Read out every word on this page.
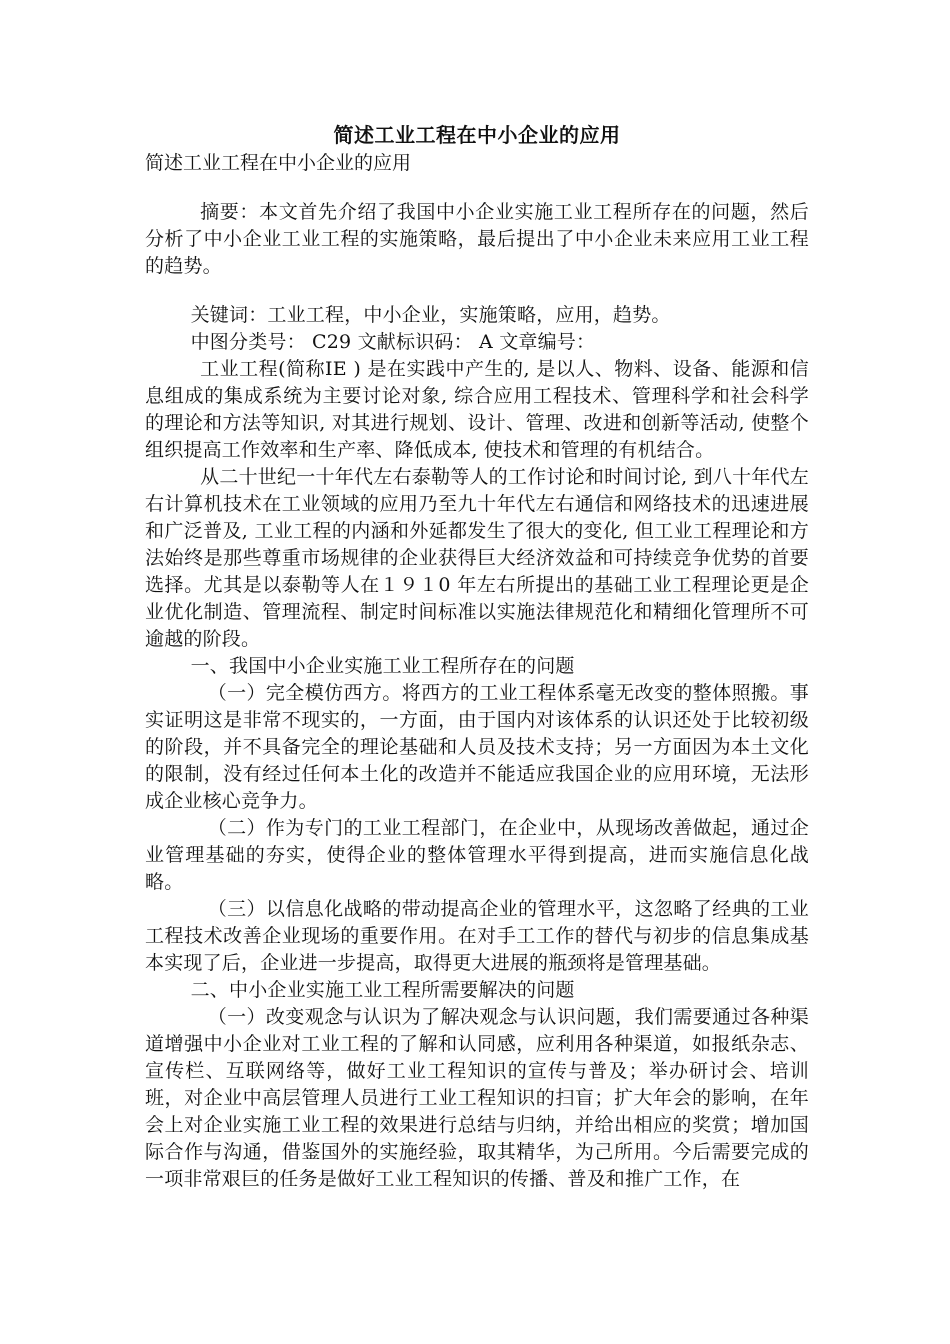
简述工业工程在中小企业的应用
简述工业工程在中小企业的应用

摘要：本文首先介绍了我国中小企业实施工业工程所存在的问题，然后分析了中小企业工业工程的实施策略，最后提出了中小企业未来应用工业工程的趋势。

关键词：工业工程，中小企业，实施策略，应用，趋势。

中图分类号： C29 文献标识码： A 文章编号：

工业工程(简称IE ) 是在实践中产生的, 是以人、物料、设备、能源和信息组成的集成系统为主要讨论对象, 综合应用工程技术、管理科学和社会科学的理论和方法等知识, 对其进行规划、设计、管理、改进和创新等活动, 使整个组织提高工作效率和生产率、降低成本, 使技术和管理的有机结合。

从二十世纪一十年代左右泰勒等人的工作讨论和时间讨论, 到八十年代左右计算机技术在工业领域的应用乃至九十年代左右通信和网络技术的迅速进展和广泛普及, 工业工程的内涵和外延都发生了很大的变化, 但工业工程理论和方法始终是那些尊重市场规律的企业获得巨大经济效益和可持续竞争优势的首要选择。尤其是以泰勒等人在１９１0 年左右所提出的基础工业工程理论更是企业优化制造、管理流程、制定时间标准以实施法律规范化和精细化管理所不可逾越的阶段。

一、我国中小企业实施工业工程所存在的问题

（一）完全模仿西方。将西方的工业工程体系毫无改变的整体照搬。事实证明这是非常不现实的，一方面，由于国内对该体系的认识还处于比较初级的阶段，并不具备完全的理论基础和人员及技术支持；另一方面因为本土文化的限制，没有经过任何本土化的改造并不能适应我国企业的应用环境，无法形成企业核心竞争力。

（二）作为专门的工业工程部门，在企业中，从现场改善做起，通过企业管理基础的夯实，使得企业的整体管理水平得到提高，进而实施信息化战略。

（三）以信息化战略的带动提高企业的管理水平，这忽略了经典的工业工程技术改善企业现场的重要作用。在对手工工作的替代与初步的信息集成基本实现了后，企业进一步提高，取得更大进展的瓶颈将是管理基础。

二、中小企业实施工业工程所需要解决的问题

（一）改变观念与认识为了解决观念与认识问题，我们需要通过各种渠道增强中小企业对工业工程的了解和认同感，应利用各种渠道，如报纸杂志、宣传栏、互联网络等，做好工业工程知识的宣传与普及；举办研讨会、培训班，对企业中高层管理人员进行工业工程知识的扫盲；扩大年会的影响，在年会上对企业实施工业工程的效果进行总结与归纳，并给出相应的奖赏；增加国际合作与沟通，借鉴国外的实施经验，取其精华，为己所用。今后需要完成的一项非常艰巨的任务是做好工业工程知识的传播、普及和推广工作，在
